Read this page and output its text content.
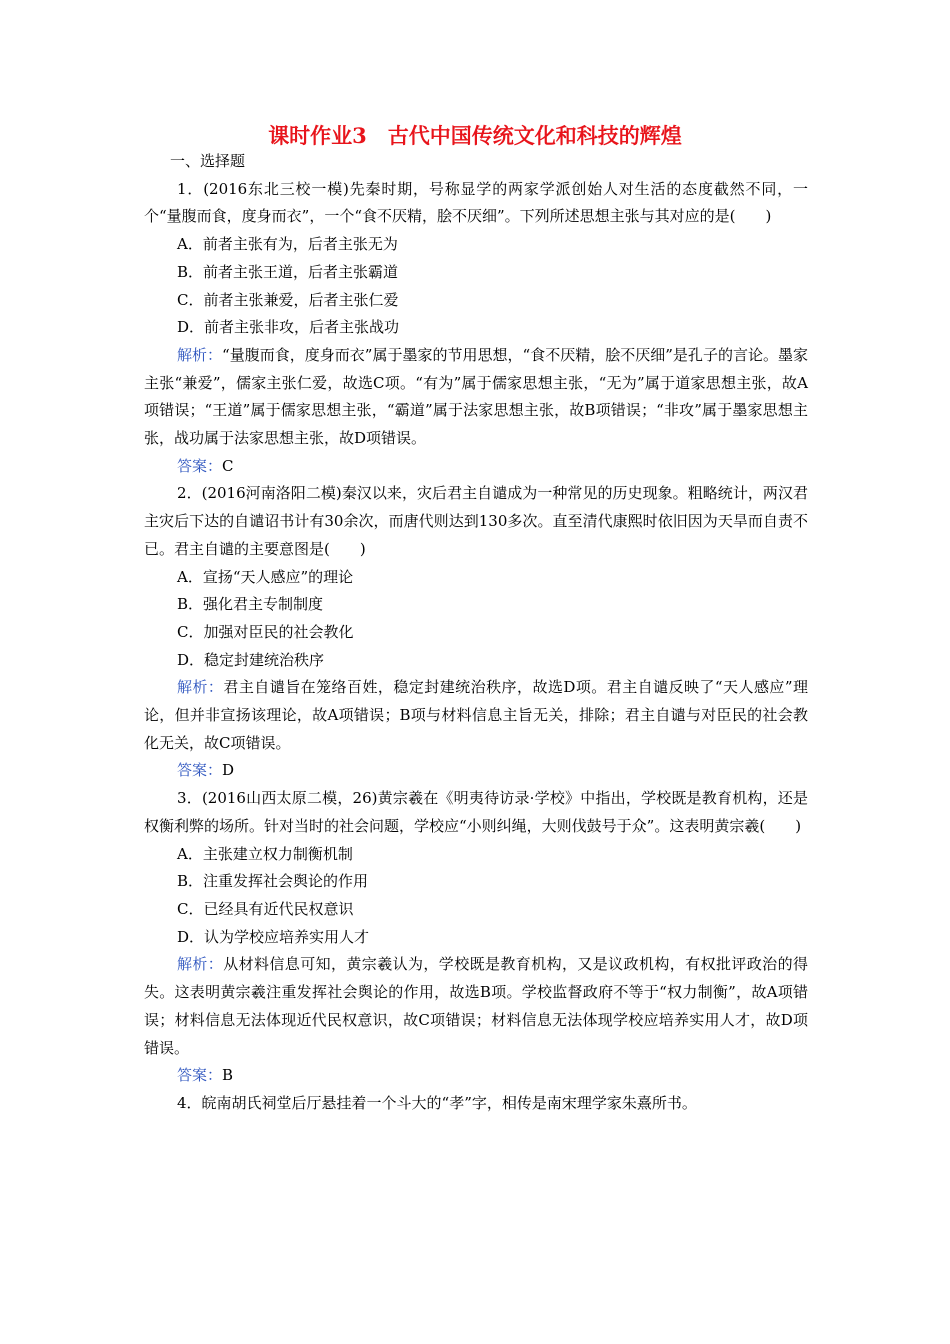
课时作业3　古代中国传统文化和科技的辉煌

一、选择题

1．(2016东北三校一模)先秦时期，号称显学的两家学派创始人对生活的态度截然不同，一个“量腹而食，度身而衣”，一个“食不厌精，脍不厌细”。下列所述思想主张与其对应的是(　　)

A．前者主张有为，后者主张无为

B．前者主张王道，后者主张霸道

C．前者主张兼爱，后者主张仁爱

D．前者主张非攻，后者主张战功

解析：“量腹而食，度身而衣”属于墨家的节用思想，“食不厌精，脍不厌细”是孔子的言论。墨家主张“兼爱”，儒家主张仁爱，故选C项。“有为”属于儒家思想主张，“无为”属于道家思想主张，故A项错误；“王道”属于儒家思想主张，“霸道”属于法家思想主张，故B项错误；“非攻”属于墨家思想主张，战功属于法家思想主张，故D项错误。

答案：C

2．(2016河南洛阳二模)秦汉以来，灾后君主自谴成为一种常见的历史现象。粗略统计，两汉君主灾后下达的自谴诏书计有30余次，而唐代则达到130多次。直至清代康熙时依旧因为天旱而自责不已。君主自谴的主要意图是(　　)

A．宣扬“天人感应”的理论

B．强化君主专制制度

C．加强对臣民的社会教化

D．稳定封建统治秩序

解析：君主自谴旨在笼络百姓，稳定封建统治秩序，故选D项。君主自谴反映了“天人感应”理论，但并非宣扬该理论，故A项错误；B项与材料信息主旨无关，排除；君主自谴与对臣民的社会教化无关，故C项错误。

答案：D

3．(2016山西太原二模，26)黄宗羲在《明夷待访录·学校》中指出，学校既是教育机构，还是权衡利弊的场所。针对当时的社会问题，学校应“小则纠绳，大则伐鼓号于众”。这表明黄宗羲(　　)

A．主张建立权力制衡机制

B．注重发挥社会舆论的作用

C．已经具有近代民权意识

D．认为学校应培养实用人才

解析：从材料信息可知，黄宗羲认为，学校既是教育机构，又是议政机构，有权批评政治的得失。这表明黄宗羲注重发挥社会舆论的作用，故选B项。学校监督政府不等于“权力制衡”，故A项错误；材料信息无法体现近代民权意识，故C项错误；材料信息无法体现学校应培养实用人才，故D项错误。

答案：B

4．皖南胡氏祠堂后厅悬挂着一个斗大的“孝”字，相传是南宋理学家朱熹所书。
